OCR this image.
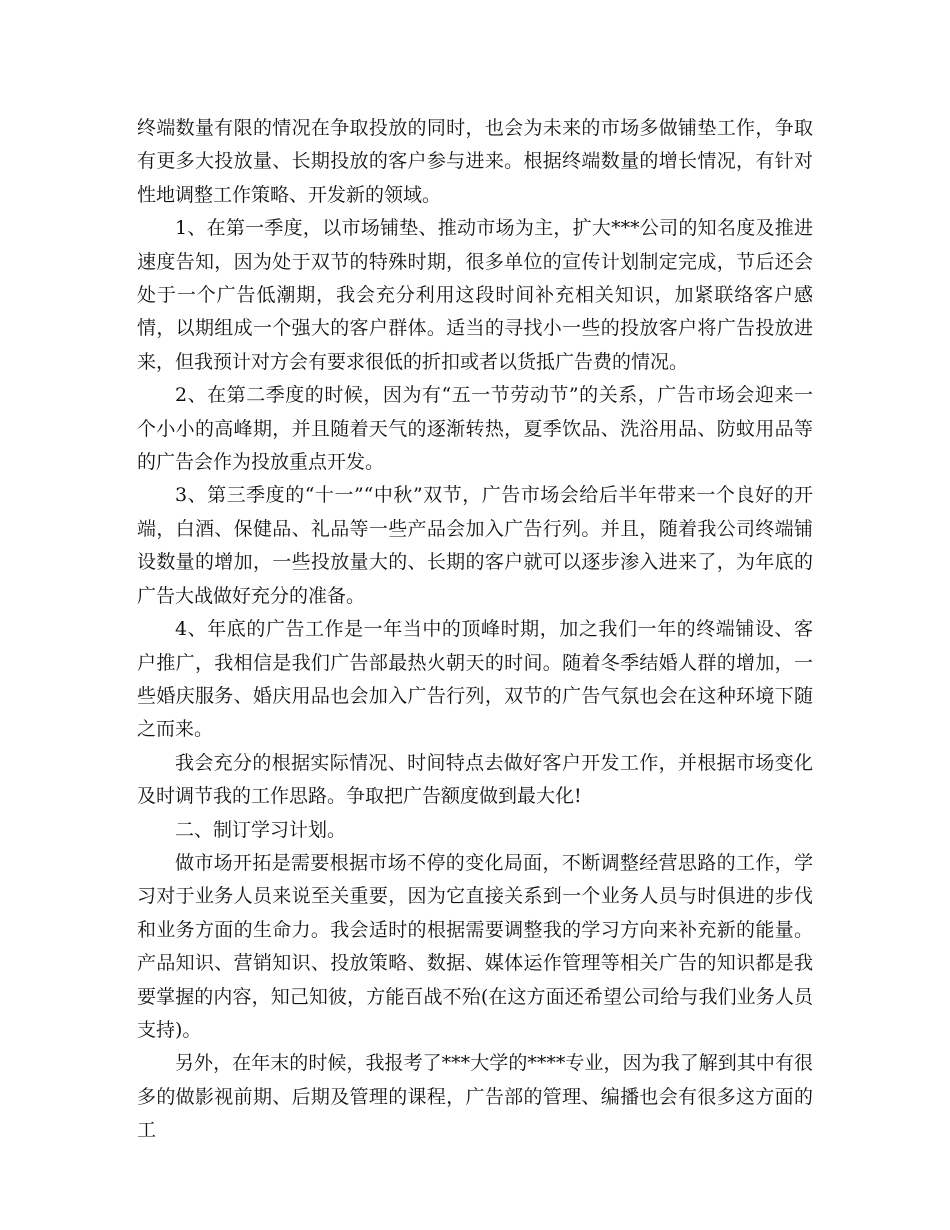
终端数量有限的情况在争取投放的同时，也会为未来的市场多做铺垫工作，争取有更多大投放量、长期投放的客户参与进来。根据终端数量的增长情况，有针对性地调整工作策略、开发新的领域。

1、在第一季度，以市场铺垫、推动市场为主，扩大***公司的知名度及推进速度告知，因为处于双节的特殊时期，很多单位的宣传计划制定完成，节后还会处于一个广告低潮期，我会充分利用这段时间补充相关知识，加紧联络客户感情，以期组成一个强大的客户群体。适当的寻找小一些的投放客户将广告投放进来，但我预计对方会有要求很低的折扣或者以货抵广告费的情况。

2、在第二季度的时候，因为有“五一节劳动节”的关系，广告市场会迎来一个小小的高峰期，并且随着天气的逐渐转热，夏季饮品、洗浴用品、防蚊用品等的广告会作为投放重点开发。

3、第三季度的“十一”“中秋”双节，广告市场会给后半年带来一个良好的开端，白酒、保健品、礼品等一些产品会加入广告行列。并且，随着我公司终端铺设数量的增加，一些投放量大的、长期的客户就可以逐步渗入进来了，为年底的广告大战做好充分的准备。

4、年底的广告工作是一年当中的顶峰时期，加之我们一年的终端铺设、客户推广，我相信是我们广告部最热火朝天的时间。随着冬季结婚人群的增加，一些婚庆服务、婚庆用品也会加入广告行列，双节的广告气氛也会在这种环境下随之而来。

我会充分的根据实际情况、时间特点去做好客户开发工作，并根据市场变化及时调节我的工作思路。争取把广告额度做到最大化!

二、制订学习计划。

做市场开拓是需要根据市场不停的变化局面，不断调整经营思路的工作，学习对于业务人员来说至关重要，因为它直接关系到一个业务人员与时俱进的步伐和业务方面的生命力。我会适时的根据需要调整我的学习方向来补充新的能量。产品知识、营销知识、投放策略、数据、媒体运作管理等相关广告的知识都是我要掌握的内容，知己知彼，方能百战不殆(在这方面还希望公司给与我们业务人员支持)。

另外，在年末的时候，我报考了***大学的****专业，因为我了解到其中有很多的做影视前期、后期及管理的课程，广告部的管理、编播也会有很多这方面的工
